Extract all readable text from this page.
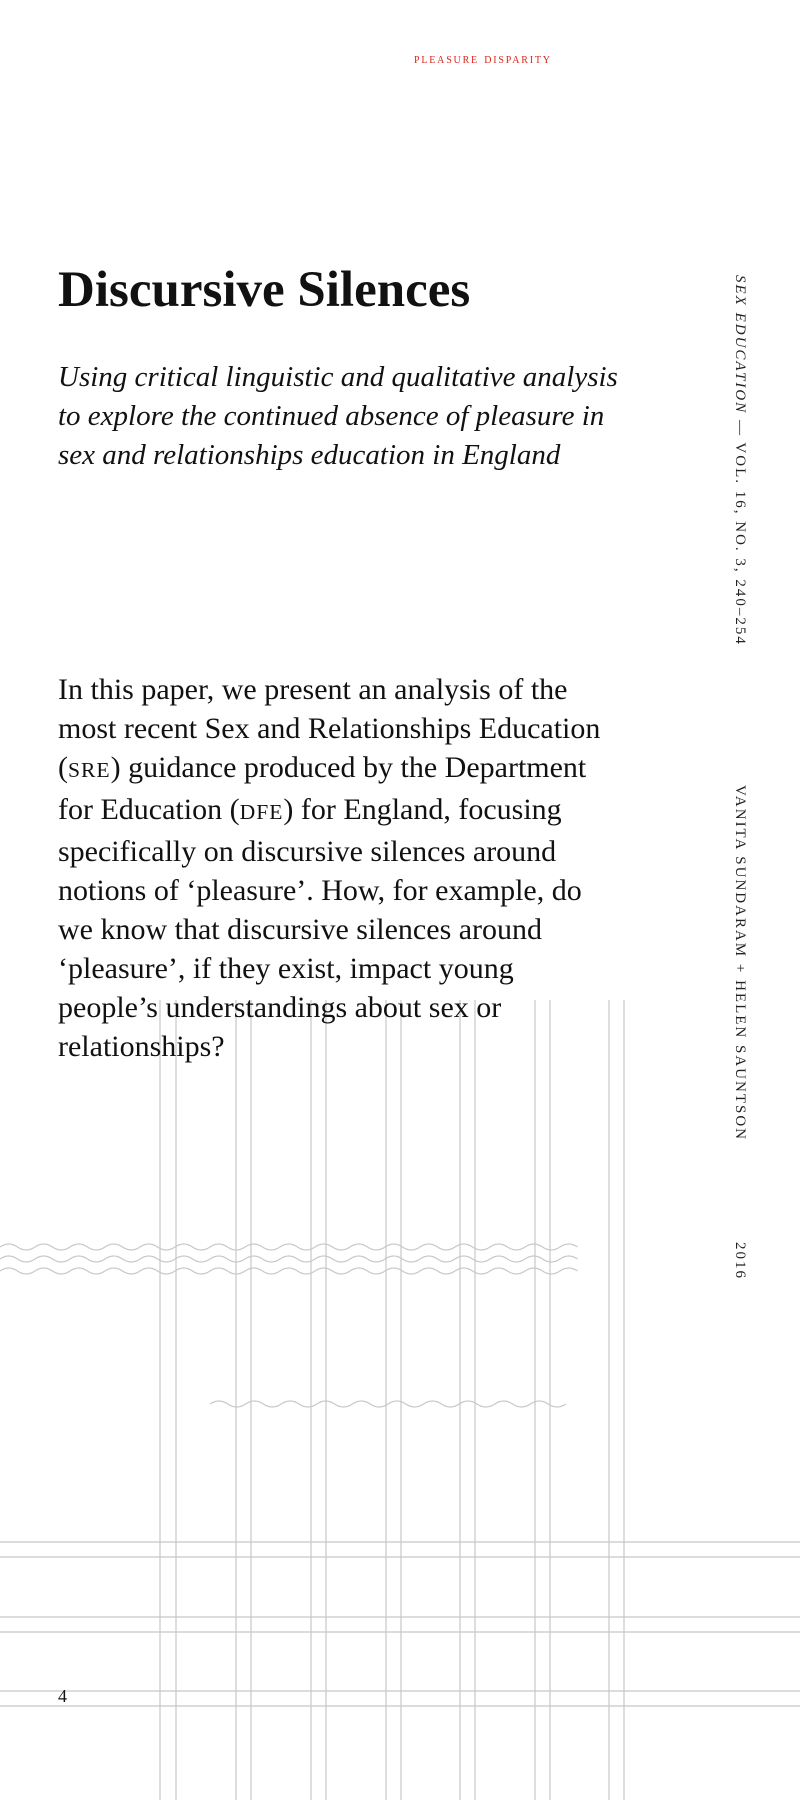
pleasure disparity
Discursive Silences

Using critical linguistic and qualitative analysis to explore the continued absence of pleasure in sex and relationships education in England

In this paper, we present an analysis of the most recent Sex and Relationships Education (SRE) guidance produced by the Department for Education (DFE) for England, focusing specifically on discursive silences around notions of ‘pleasure’. How, for example, do we know that discursive silences around ‘pleasure’, if they exist, impact young people’s understandings about sex or relationships?

SEX EDUCATION — VOL. 16, NO. 3, 240–254
VANITA SUNDARAM + HELEN SAUNTSON
2016
4
